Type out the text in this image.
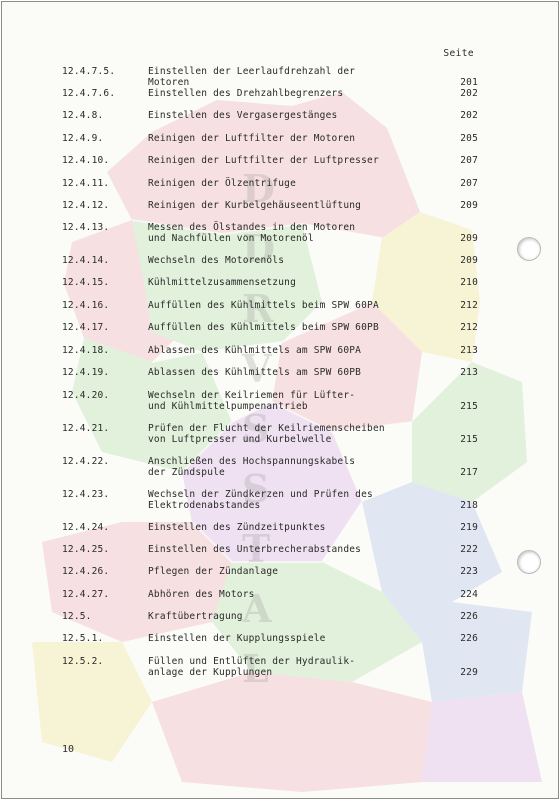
D
D
R
V
S
S
T
A
L
Seite
12.4.7.5.	Einstellen der Leerlaufdrehzahl der
Motoren	201
12.4.7.6.	Einstellen des Drehzahlbegrenzers	202
12.4.8.	Einstellen des Vergasergestänges	202
12.4.9.	Reinigen der Luftfilter der Motoren	205
12.4.10.	Reinigen der Luftfilter der Luftpresser	207
12.4.11.	Reinigen der Ölzentrifuge	207
12.4.12.	Reinigen der Kurbelgehäuseentlüftung	209
12.4.13.	Messen des Ölstandes in den Motoren
und Nachfüllen von Motorenöl	209
12.4.14.	Wechseln des Motorenöls	209
12.4.15.	Kühlmittelzusammensetzung	210
12.4.16.	Auffüllen des Kühlmittels beim SPW 60PA	212
12.4.17.	Auffüllen des Kühlmittels beim SPW 60PB	212
12.4.18.	Ablassen des Kühlmittels am SPW 60PA	213
12.4.19.	Ablassen des Kühlmittels am SPW 60PB	213
12.4.20.	Wechseln der Keilriemen für Lüfter-
und Kühlmittelpumpenantrieb	215
12.4.21.	Prüfen der Flucht der Keilriemenscheiben
von Luftpresser und Kurbelwelle	215
12.4.22.	Anschließen des Hochspannungskabels
der Zündspule	217
12.4.23.	Wechseln der Zündkerzen und Prüfen des
Elektrodenabstandes	218
12.4.24.	Einstellen des Zündzeitpunktes	219
12.4.25.	Einstellen des Unterbrecherabstandes	222
12.4.26.	Pflegen der Zündanlage	223
12.4.27.	Abhören des Motors	224
12.5.	Kraftübertragung	226
12.5.1.	Einstellen der Kupplungsspiele	226
12.5.2.	Füllen und Entlüften der Hydraulik-
anlage der Kupplungen	229
10
